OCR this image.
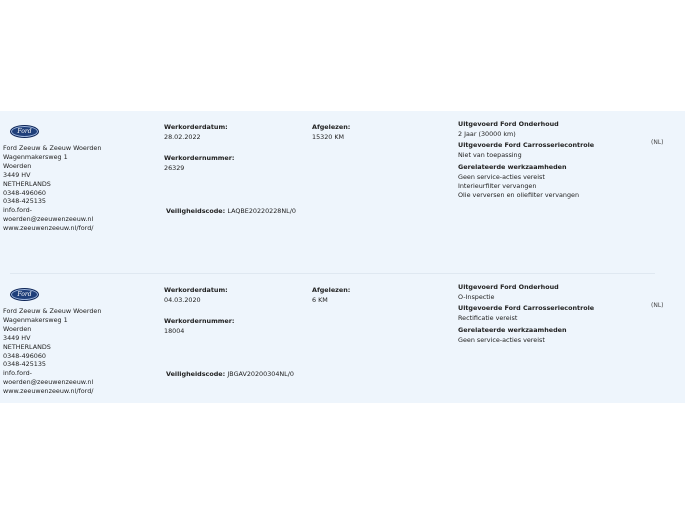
Ford
Ford Zeeuw & Zeeuw Woerden
Wagenmakersweg 1
Woerden
3449 HV
NETHERLANDS
0348-496060
0348-425135
info.ford-
woerden@zeeuwenzeeuw.nl
www.zeeuwenzeeuw.nl/ford/
Werkorderdatum:
28.02.2022
Werkordernummer:
26329
Veiligheidscode: LAQBE20220228NL/0
Afgelezen:
15320 KM
Uitgevoerd Ford Onderhoud
2 Jaar (30000 km)
Uitgevoerde Ford Carrosseriecontrole
Niet van toepassing
Gerelateerde werkzaamheden
Geen service-acties vereist
Interieurfilter vervangen
Olie verversen en oliefilter vervangen
(NL)
Ford
Ford Zeeuw & Zeeuw Woerden
Wagenmakersweg 1
Woerden
3449 HV
NETHERLANDS
0348-496060
0348-425135
info.ford-
woerden@zeeuwenzeeuw.nl
www.zeeuwenzeeuw.nl/ford/
Werkorderdatum:
04.03.2020
Werkordernummer:
18004
Veiligheidscode: JBGAV20200304NL/0
Afgelezen:
6 KM
Uitgevoerd Ford Onderhoud
O-Inspectie
Uitgevoerde Ford Carrosseriecontrole
Rectificatie vereist
Gerelateerde werkzaamheden
Geen service-acties vereist
(NL)
